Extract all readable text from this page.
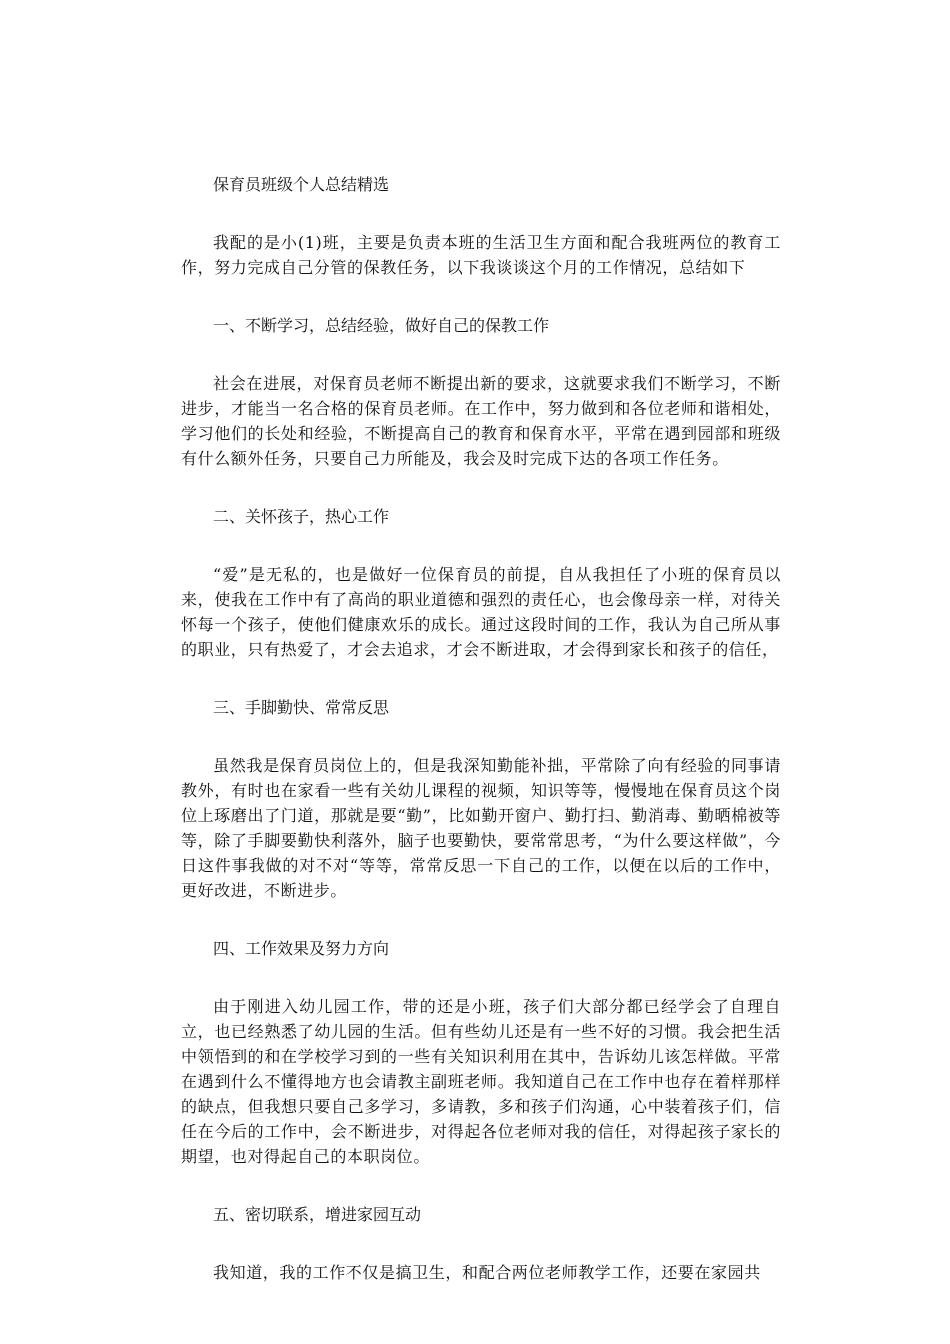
保育员班级个人总结精选

我配的是小(1)班，主要是负责本班的生活卫生方面和配合我班两位的教育工作，努力完成自己分管的保教任务，以下我谈谈这个月的工作情况，总结如下

一、不断学习，总结经验，做好自己的保教工作

社会在进展，对保育员老师不断提出新的要求，这就要求我们不断学习，不断进步，才能当一名合格的保育员老师。在工作中，努力做到和各位老师和谐相处，学习他们的长处和经验，不断提高自己的教育和保育水平，平常在遇到园部和班级有什么额外任务，只要自己力所能及，我会及时完成下达的各项工作任务。

二、关怀孩子，热心工作

“爱”是无私的，也是做好一位保育员的前提，自从我担任了小班的保育员以来，使我在工作中有了高尚的职业道德和强烈的责任心，也会像母亲一样，对待关怀每一个孩子，使他们健康欢乐的成长。通过这段时间的工作，我认为自己所从事的职业，只有热爱了，才会去追求，才会不断进取，才会得到家长和孩子的信任，

三、手脚勤快、常常反思

虽然我是保育员岗位上的，但是我深知勤能补拙，平常除了向有经验的同事请教外，有时也在家看一些有关幼儿课程的视频，知识等等，慢慢地在保育员这个岗位上琢磨出了门道，那就是要“勤”，比如勤开窗户、勤打扫、勤消毒、勤晒棉被等等，除了手脚要勤快利落外，脑子也要勤快，要常常思考，“为什么要这样做”，今日这件事我做的对不对“等等，常常反思一下自己的工作，以便在以后的工作中，更好改进，不断进步。

四、工作效果及努力方向

由于刚进入幼儿园工作，带的还是小班，孩子们大部分都已经学会了自理自立，也已经熟悉了幼儿园的生活。但有些幼儿还是有一些不好的习惯。我会把生活中领悟到的和在学校学习到的一些有关知识利用在其中，告诉幼儿该怎样做。平常在遇到什么不懂得地方也会请教主副班老师。我知道自己在工作中也存在着样那样的缺点，但我想只要自己多学习，多请教，多和孩子们沟通，心中装着孩子们，信任在今后的工作中，会不断进步，对得起各位老师对我的信任，对得起孩子家长的期望，也对得起自己的本职岗位。

五、密切联系，增进家园互动

我知道，我的工作不仅是搞卫生，和配合两位老师教学工作，还要在家园共
